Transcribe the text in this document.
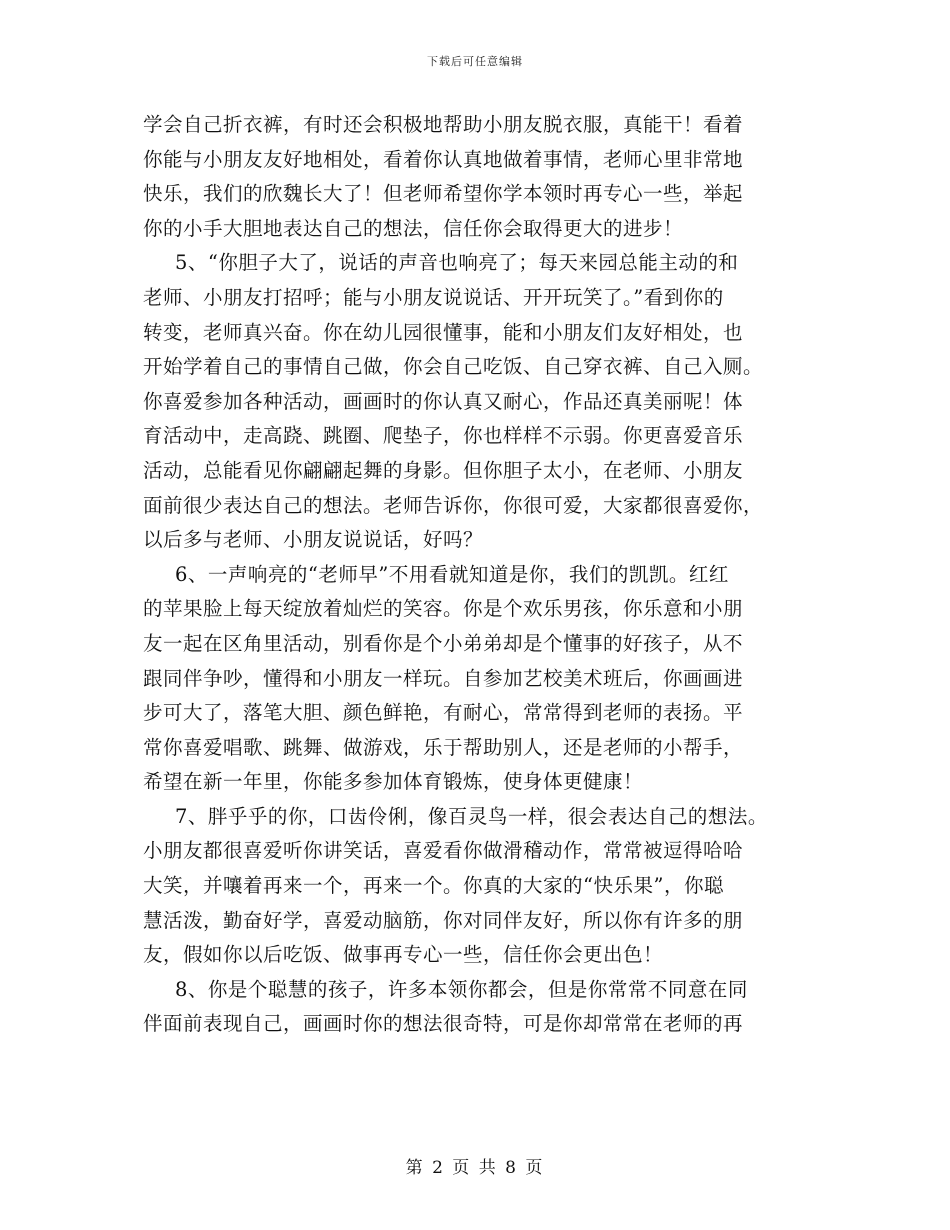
下载后可任意编辑
学会自己折衣裤，有时还会积极地帮助小朋友脱衣服，真能干！看着
你能与小朋友友好地相处，看着你认真地做着事情，老师心里非常地
快乐，我们的欣魏长大了！但老师希望你学本领时再专心一些，举起
你的小手大胆地表达自己的想法，信任你会取得更大的进步！
5、“你胆子大了，说话的声音也响亮了；每天来园总能主动的和
老师、小朋友打招呼；能与小朋友说说话、开开玩笑了。”看到你的
转变，老师真兴奋。你在幼儿园很懂事，能和小朋友们友好相处，也
开始学着自己的事情自己做，你会自己吃饭、自己穿衣裤、自己入厕。
你喜爱参加各种活动，画画时的你认真又耐心，作品还真美丽呢！体
育活动中，走高跷、跳圈、爬垫子，你也样样不示弱。你更喜爱音乐
活动，总能看见你翩翩起舞的身影。但你胆子太小，在老师、小朋友
面前很少表达自己的想法。老师告诉你，你很可爱，大家都很喜爱你，
以后多与老师、小朋友说说话，好吗？
6、一声响亮的“老师早”不用看就知道是你，我们的凯凯。红红
的苹果脸上每天绽放着灿烂的笑容。你是个欢乐男孩，你乐意和小朋
友一起在区角里活动，别看你是个小弟弟却是个懂事的好孩子，从不
跟同伴争吵，懂得和小朋友一样玩。自参加艺校美术班后，你画画进
步可大了，落笔大胆、颜色鲜艳，有耐心，常常得到老师的表扬。平
常你喜爱唱歌、跳舞、做游戏，乐于帮助别人，还是老师的小帮手，
希望在新一年里，你能多参加体育锻炼，使身体更健康！
7、胖乎乎的你，口齿伶俐，像百灵鸟一样，很会表达自己的想法。
小朋友都很喜爱听你讲笑话，喜爱看你做滑稽动作，常常被逗得哈哈
大笑，并嚷着再来一个，再来一个。你真的大家的“快乐果”，你聪
慧活泼，勤奋好学，喜爱动脑筋，你对同伴友好，所以你有许多的朋
友，假如你以后吃饭、做事再专心一些，信任你会更出色！
8、你是个聪慧的孩子，许多本领你都会，但是你常常不同意在同
伴面前表现自己，画画时你的想法很奇特，可是你却常常在老师的再
第 2 页 共 8 页
